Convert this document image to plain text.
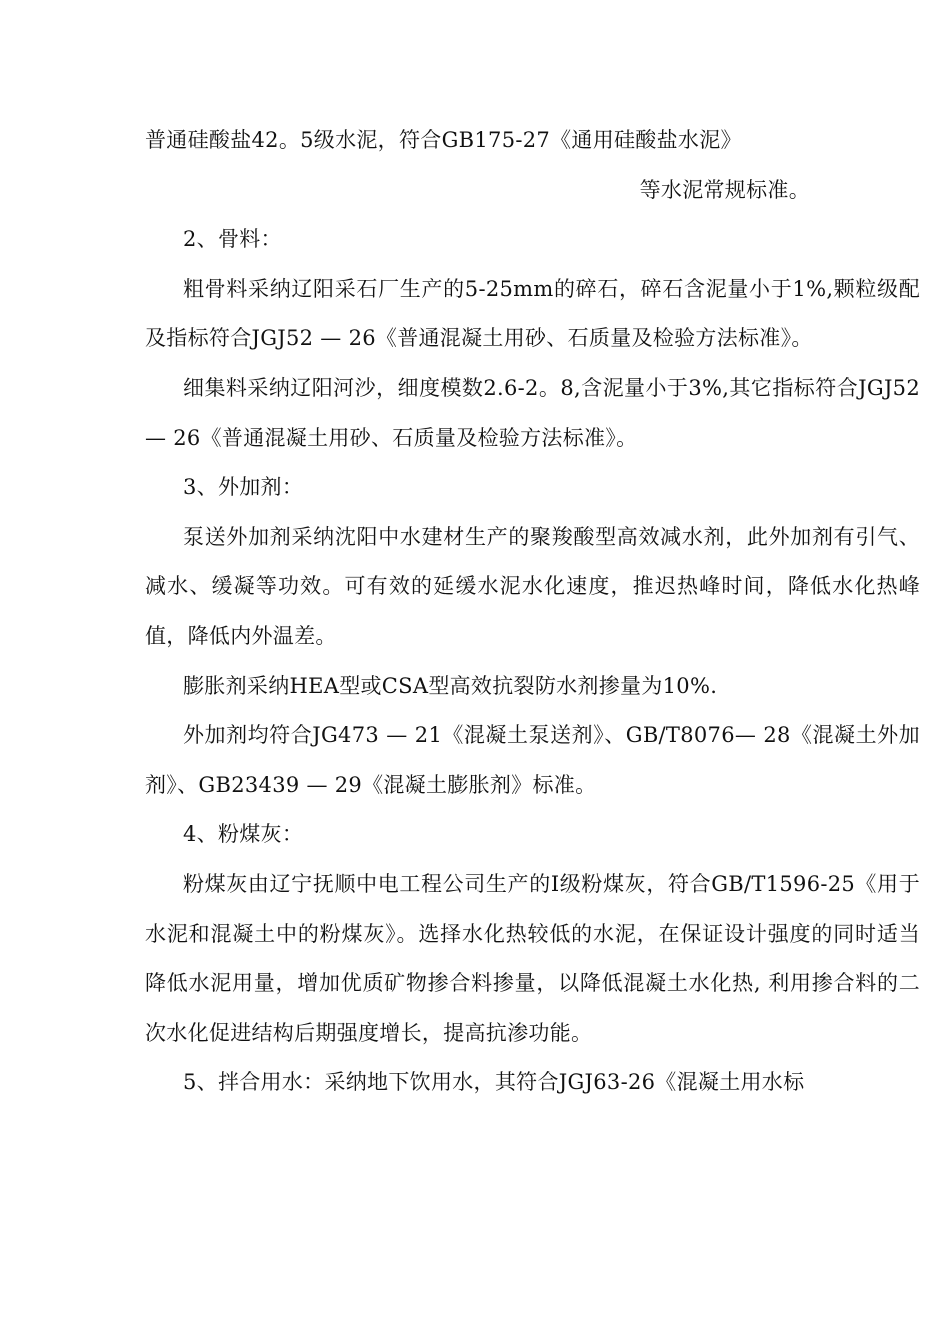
普通硅酸盐42。5级水泥，符合GB175-27《通用硅酸盐水泥》

等水泥常规标准。

2、骨料：

粗骨料采纳辽阳采石厂生产的5-25mm的碎石，碎石含泥量小于1%,颗粒级配及指标符合JGJ52 — 26《普通混凝土用砂、石质量及检验方法标准》。

细集料采纳辽阳河沙，细度模数2.6-2。8,含泥量小于3%,其它指标符合JGJ52 — 26《普通混凝土用砂、石质量及检验方法标准》。

3、外加剂：

泵送外加剂采纳沈阳中水建材生产的聚羧酸型高效减水剂，此外加剂有引气、减水、缓凝等功效。可有效的延缓水泥水化速度，推迟热峰时间，降低水化热峰值，降低内外温差。

膨胀剂采纳HEA型或CSA型高效抗裂防水剂掺量为10%.

外加剂均符合JG473 — 21《混凝土泵送剂》、GB/T8076— 28《混凝土外加剂》、GB23439 — 29《混凝土膨胀剂》标准。

4、粉煤灰：

粉煤灰由辽宁抚顺中电工程公司生产的I级粉煤灰，符合GB/T1596-25《用于水泥和混凝土中的粉煤灰》。选择水化热较低的水泥，在保证设计强度的同时适当降低水泥用量，增加优质矿物掺合料掺量，以降低混凝土水化热, 利用掺合料的二次水化促进结构后期强度增长，提高抗渗功能。

5、拌合用水：采纳地下饮用水，其符合JGJ63-26《混凝土用水标
